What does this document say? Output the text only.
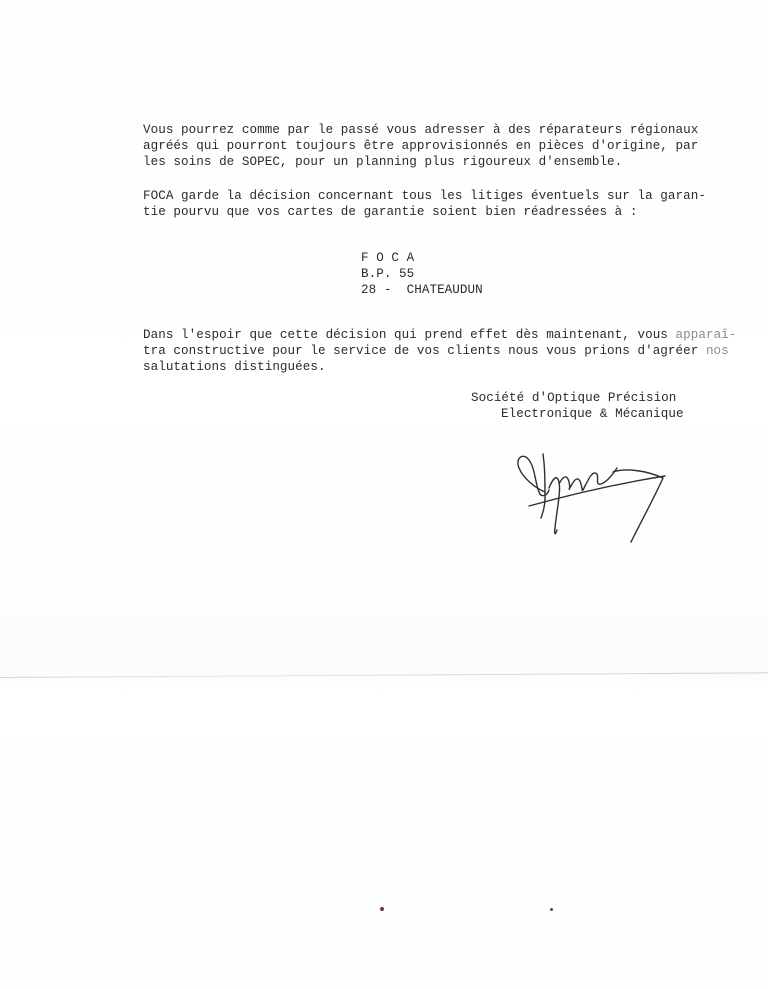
Vous pourrez comme par le passé vous adresser à des réparateurs régionaux
agréés qui pourront toujours être approvisionnés en pièces d'origine, par
les soins de SOPEC, pour un planning plus rigoureux d'ensemble.
FOCA garde la décision concernant tous les litiges éventuels sur la garan-
tie pourvu que vos cartes de garantie soient bien réadressées à :
F O C A
B.P. 55
28 -  CHATEAUDUN
Dans l'espoir que cette décision qui prend effet dès maintenant, vous apparaî-
tra constructive pour le service de vos clients nous vous prions d'agréer nos
salutations distinguées.
Société d'Optique Précision
Electronique & Mécanique
